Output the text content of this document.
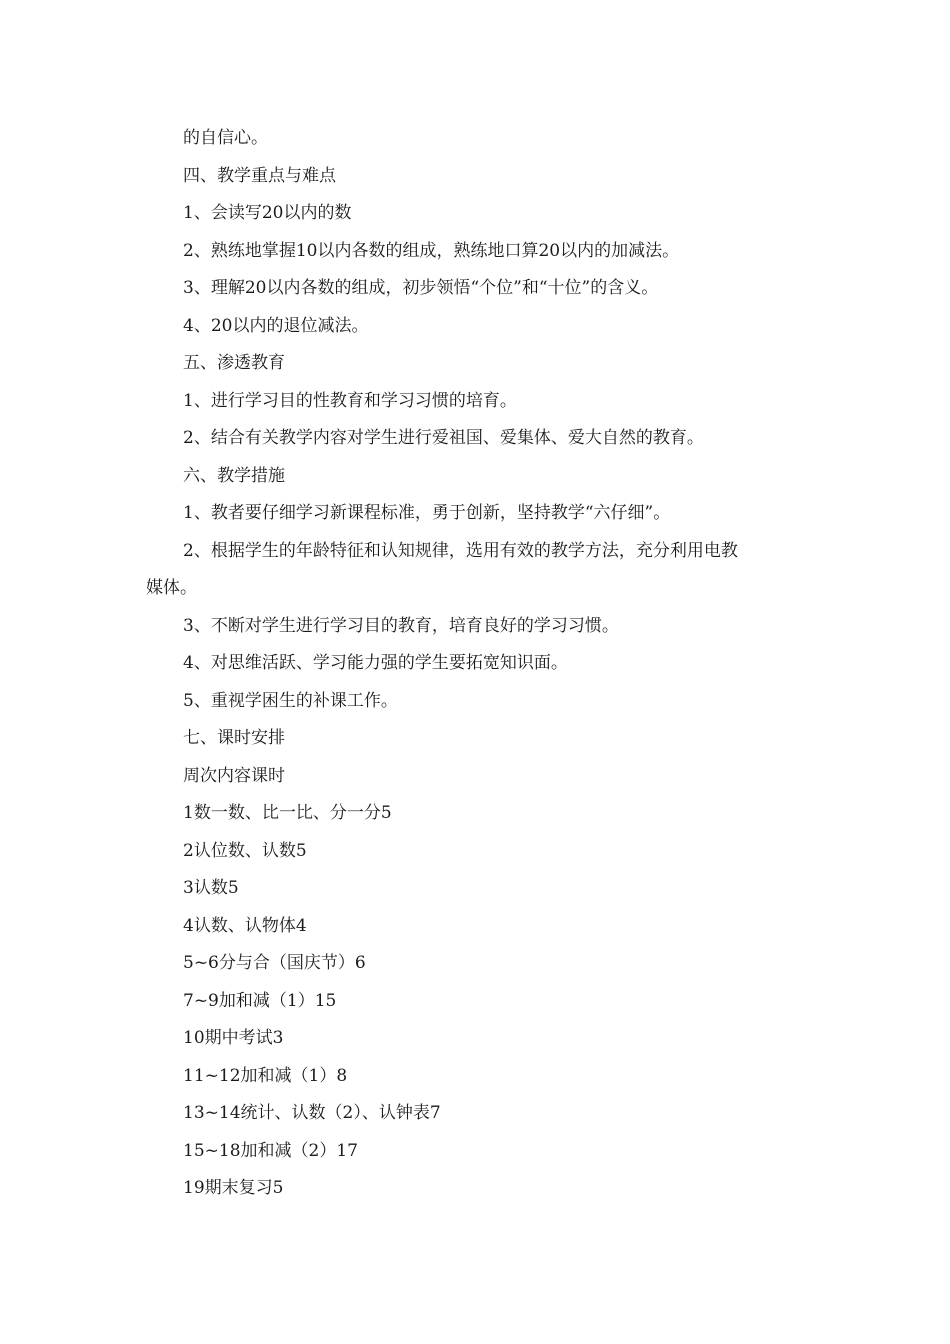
的自信心。
四、教学重点与难点
1、会读写20以内的数
2、熟练地掌握10以内各数的组成，熟练地口算20以内的加减法。
3、理解20以内各数的组成，初步领悟“个位”和“十位”的含义。
4、20以内的退位减法。
五、渗透教育
1、进行学习目的性教育和学习习惯的培育。
2、结合有关教学内容对学生进行爱祖国、爱集体、爱大自然的教育。
六、教学措施
1、教者要仔细学习新课程标准，勇于创新，坚持教学“六仔细”。
2、根据学生的年龄特征和认知规律，选用有效的教学方法，充分利用电教
媒体。
3、不断对学生进行学习目的教育，培育良好的学习习惯。
4、对思维活跃、学习能力强的学生要拓宽知识面。
5、重视学困生的补课工作。
七、课时安排
周次内容课时
1数一数、比一比、分一分5
2认位数、认数5
3认数5
4认数、认物体4
5~6分与合（国庆节）6
7~9加和减（1）15
10期中考试3
11~12加和减（1）8
13~14统计、认数（2）、认钟表7
15~18加和减（2）17
19期末复习5
